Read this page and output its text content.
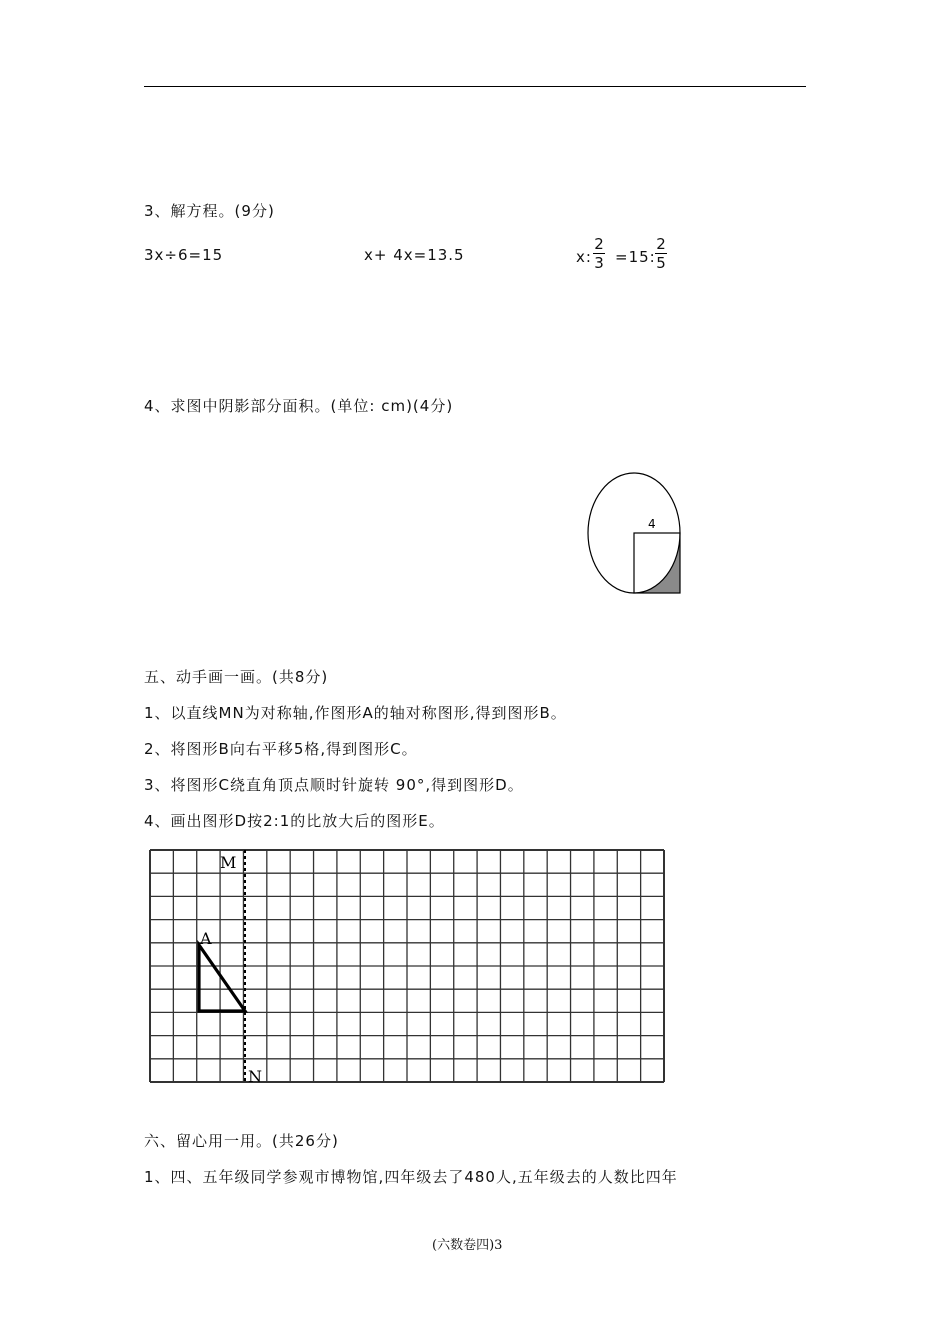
3、解方程。(9分)
3x÷6=15	x+ 4x=13.5	x:
2
3 =15:
2
5
4、求图中阴影部分面积。(单位: cm)(4分)
4
五、动手画一画。(共8分)
1、以直线MN为对称轴,作图形A的轴对称图形,得到图形B。
2、将图形B向右平移5格,得到图形C。
3、将图形C绕直角顶点顺时针旋转 90°,得到图形D。
4、画出图形D按2:1的比放大后的图形E。
M
N
A
六、留心用一用。(共26分)
1、四、五年级同学参观市博物馆,四年级去了480人,五年级去的人数比四年
(六数卷四)3
